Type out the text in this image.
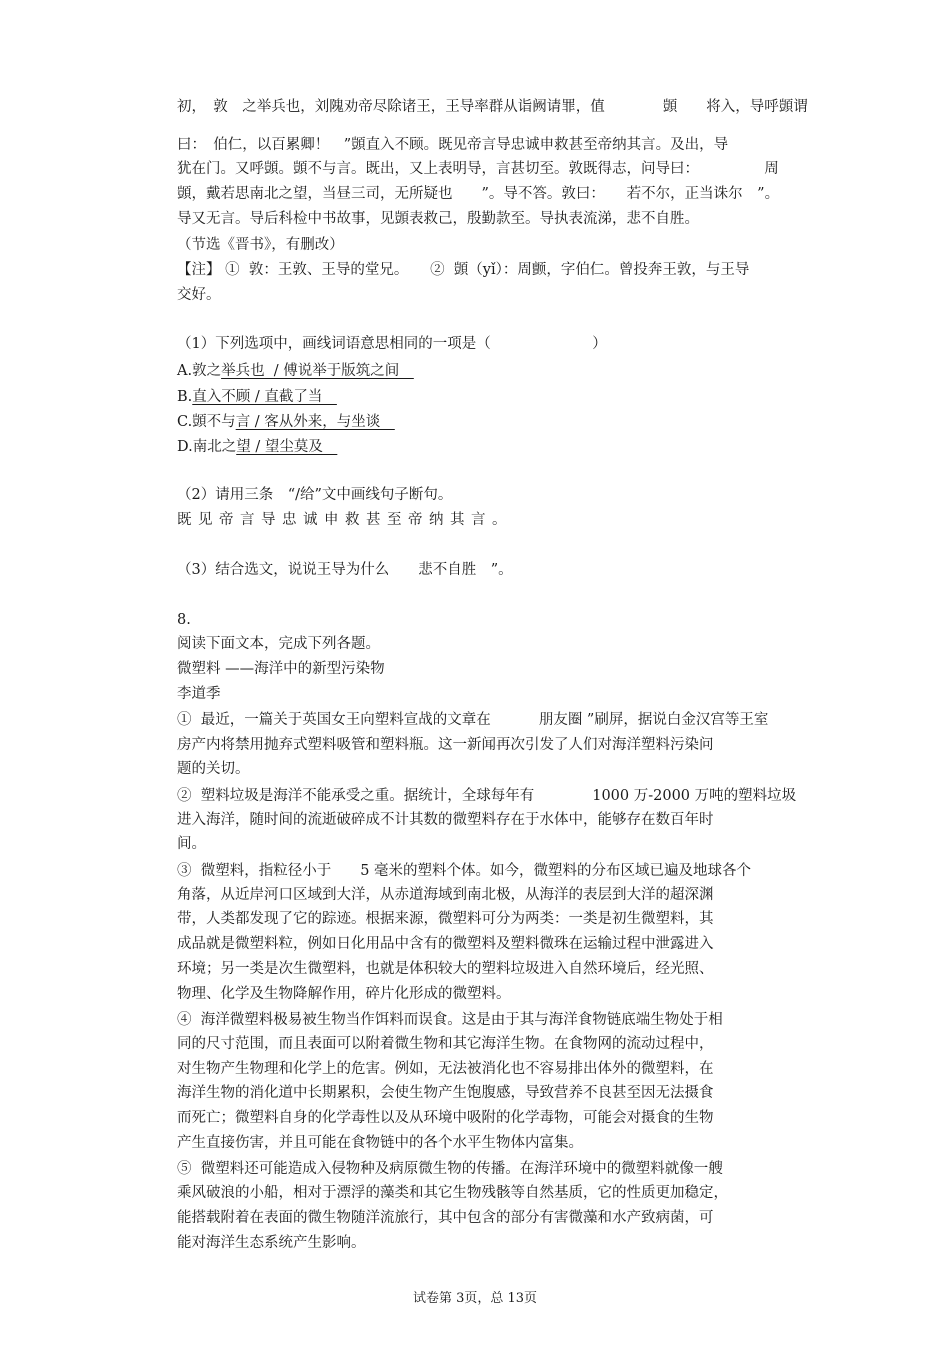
初，　敦　之举兵也，刘隗劝帝尽除诸王，王导率群从诣阙请罪，值　　　　顗　　将入，导呼顗谓
曰：　伯仁，以百累卿！　”顗直入不顾。既见帝言导忠诚申救甚至帝纳其言。及出，导
犹在门。又呼顗。顗不与言。既出，又上表明导，言甚切至。敦既得志，问导曰：　　　　　周
顗，戴若思南北之望，当昼三司，无所疑也　　”。导不答。敦曰：　　若不尔，正当诛尔　”。
导又无言。导后科检中书故事，见顗表救己，殷勤款至。导执表流涕，悲不自胜。
（节选《晋书》，有删改）
【注】 ①  敦：王敦、王导的堂兄。　　②  顗（yǐ）：周颤，字伯仁。曾投奔王敦，与王导
交好。
（1）下列选项中，画线词语意思相同的一项是（　　　　　　　）
A.敦之举兵也  / 傅说举于版筑之间　
B.直入不顾 / 直截了当　
C.顗不与言 / 客从外来，与坐谈　
D.南北之望 / 望尘莫及　
（2）请用三条　“/给”文中画线句子断句。
既见帝言导忠诚申救甚至帝纳其言。
（3）结合选文，说说王导为什么　　悲不自胜　”。
8.
阅读下面文本，完成下列各题。
微塑料 ——海洋中的新型污染物
李道季
①  最近，一篇关于英国女王向塑料宣战的文章在　　　 朋友圈 ”刷屏，据说白金汉宫等王室
房产内将禁用抛弃式塑料吸管和塑料瓶。这一新闻再次引发了人们对海洋塑料污染问
题的关切。
②  塑料垃圾是海洋不能承受之重。据统计，全球每年有　　　　1000 万-2000 万吨的塑料垃圾
进入海洋，随时间的流逝破碎成不计其数的微塑料存在于水体中，能够存在数百年时
间。
③  微塑料，指粒径小于　　5 毫米的塑料个体。如今，微塑料的分布区域已遍及地球各个
角落，从近岸河口区域到大洋，从赤道海域到南北极，从海洋的表层到大洋的超深渊
带，人类都发现了它的踪迹。根据来源，微塑料可分为两类：一类是初生微塑料，其
成品就是微塑料粒，例如日化用品中含有的微塑料及塑料微珠在运输过程中泄露进入
环境；另一类是次生微塑料，也就是体积较大的塑料垃圾进入自然环境后，经光照、
物理、化学及生物降解作用，碎片化形成的微塑料。
④  海洋微塑料极易被生物当作饵料而误食。这是由于其与海洋食物链底端生物处于相
同的尺寸范围，而且表面可以附着微生物和其它海洋生物。在食物网的流动过程中，
对生物产生物理和化学上的危害。例如，无法被消化也不容易排出体外的微塑料，在
海洋生物的消化道中长期累积，会使生物产生饱腹感，导致营养不良甚至因无法摄食
而死亡；微塑料自身的化学毒性以及从环境中吸附的化学毒物，可能会对摄食的生物
产生直接伤害，并且可能在食物链中的各个水平生物体内富集。
⑤  微塑料还可能造成入侵物种及病原微生物的传播。在海洋环境中的微塑料就像一艘
乘风破浪的小船，相对于漂浮的藻类和其它生物残骸等自然基质，它的性质更加稳定，
能搭载附着在表面的微生物随洋流旅行，其中包含的部分有害微藻和水产致病菌，可
能对海洋生态系统产生影响。
试卷第 3页，总 13页
